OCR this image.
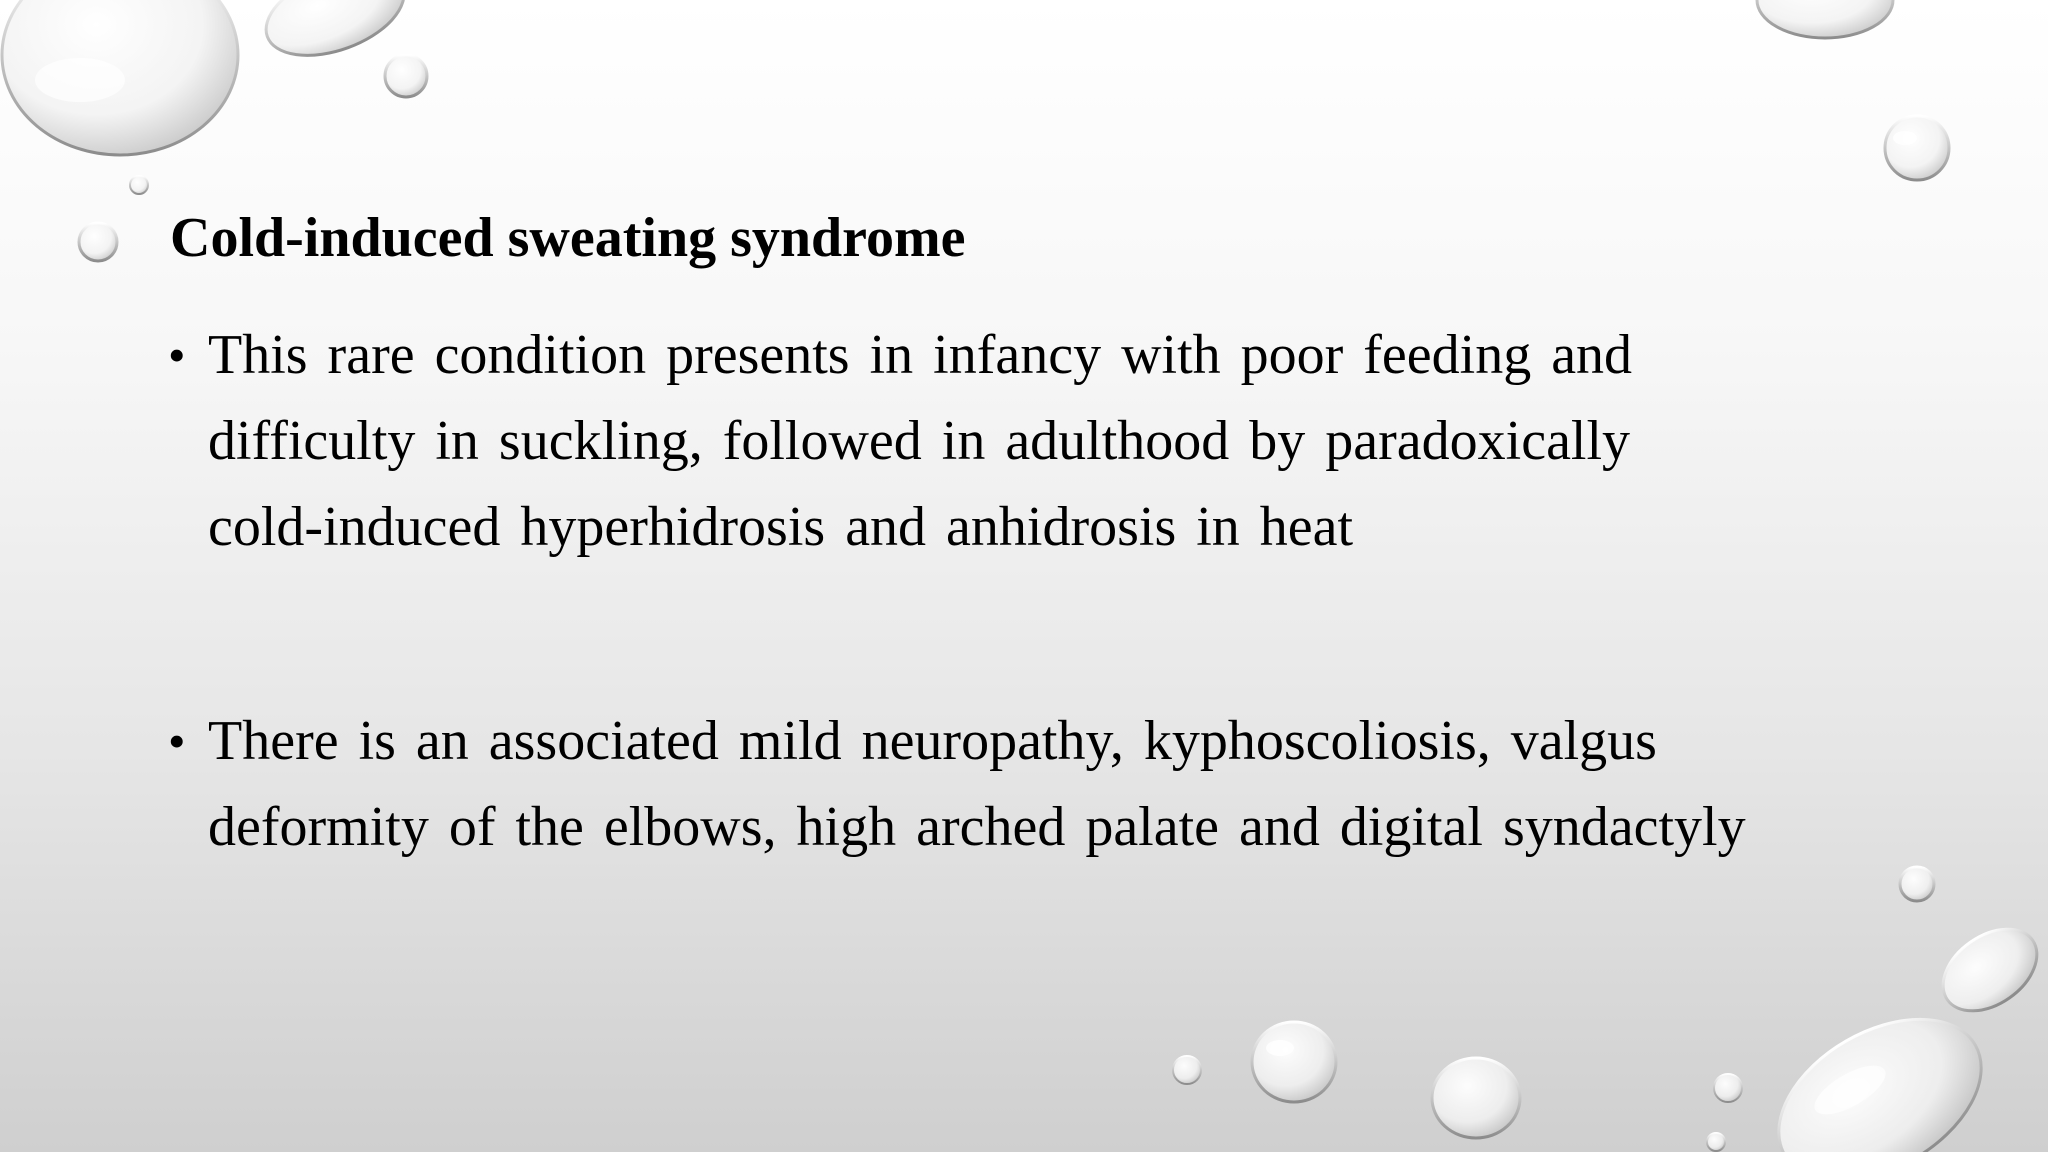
Cold-induced sweating syndrome
• This rare condition presents in infancy with poor feeding and
difficulty in suckling, followed in adulthood by paradoxically
cold-induced hyperhidrosis and anhidrosis in heat
• There is an associated mild neuropathy, kyphoscoliosis, valgus
deformity of the elbows, high arched palate and digital syndactyly
